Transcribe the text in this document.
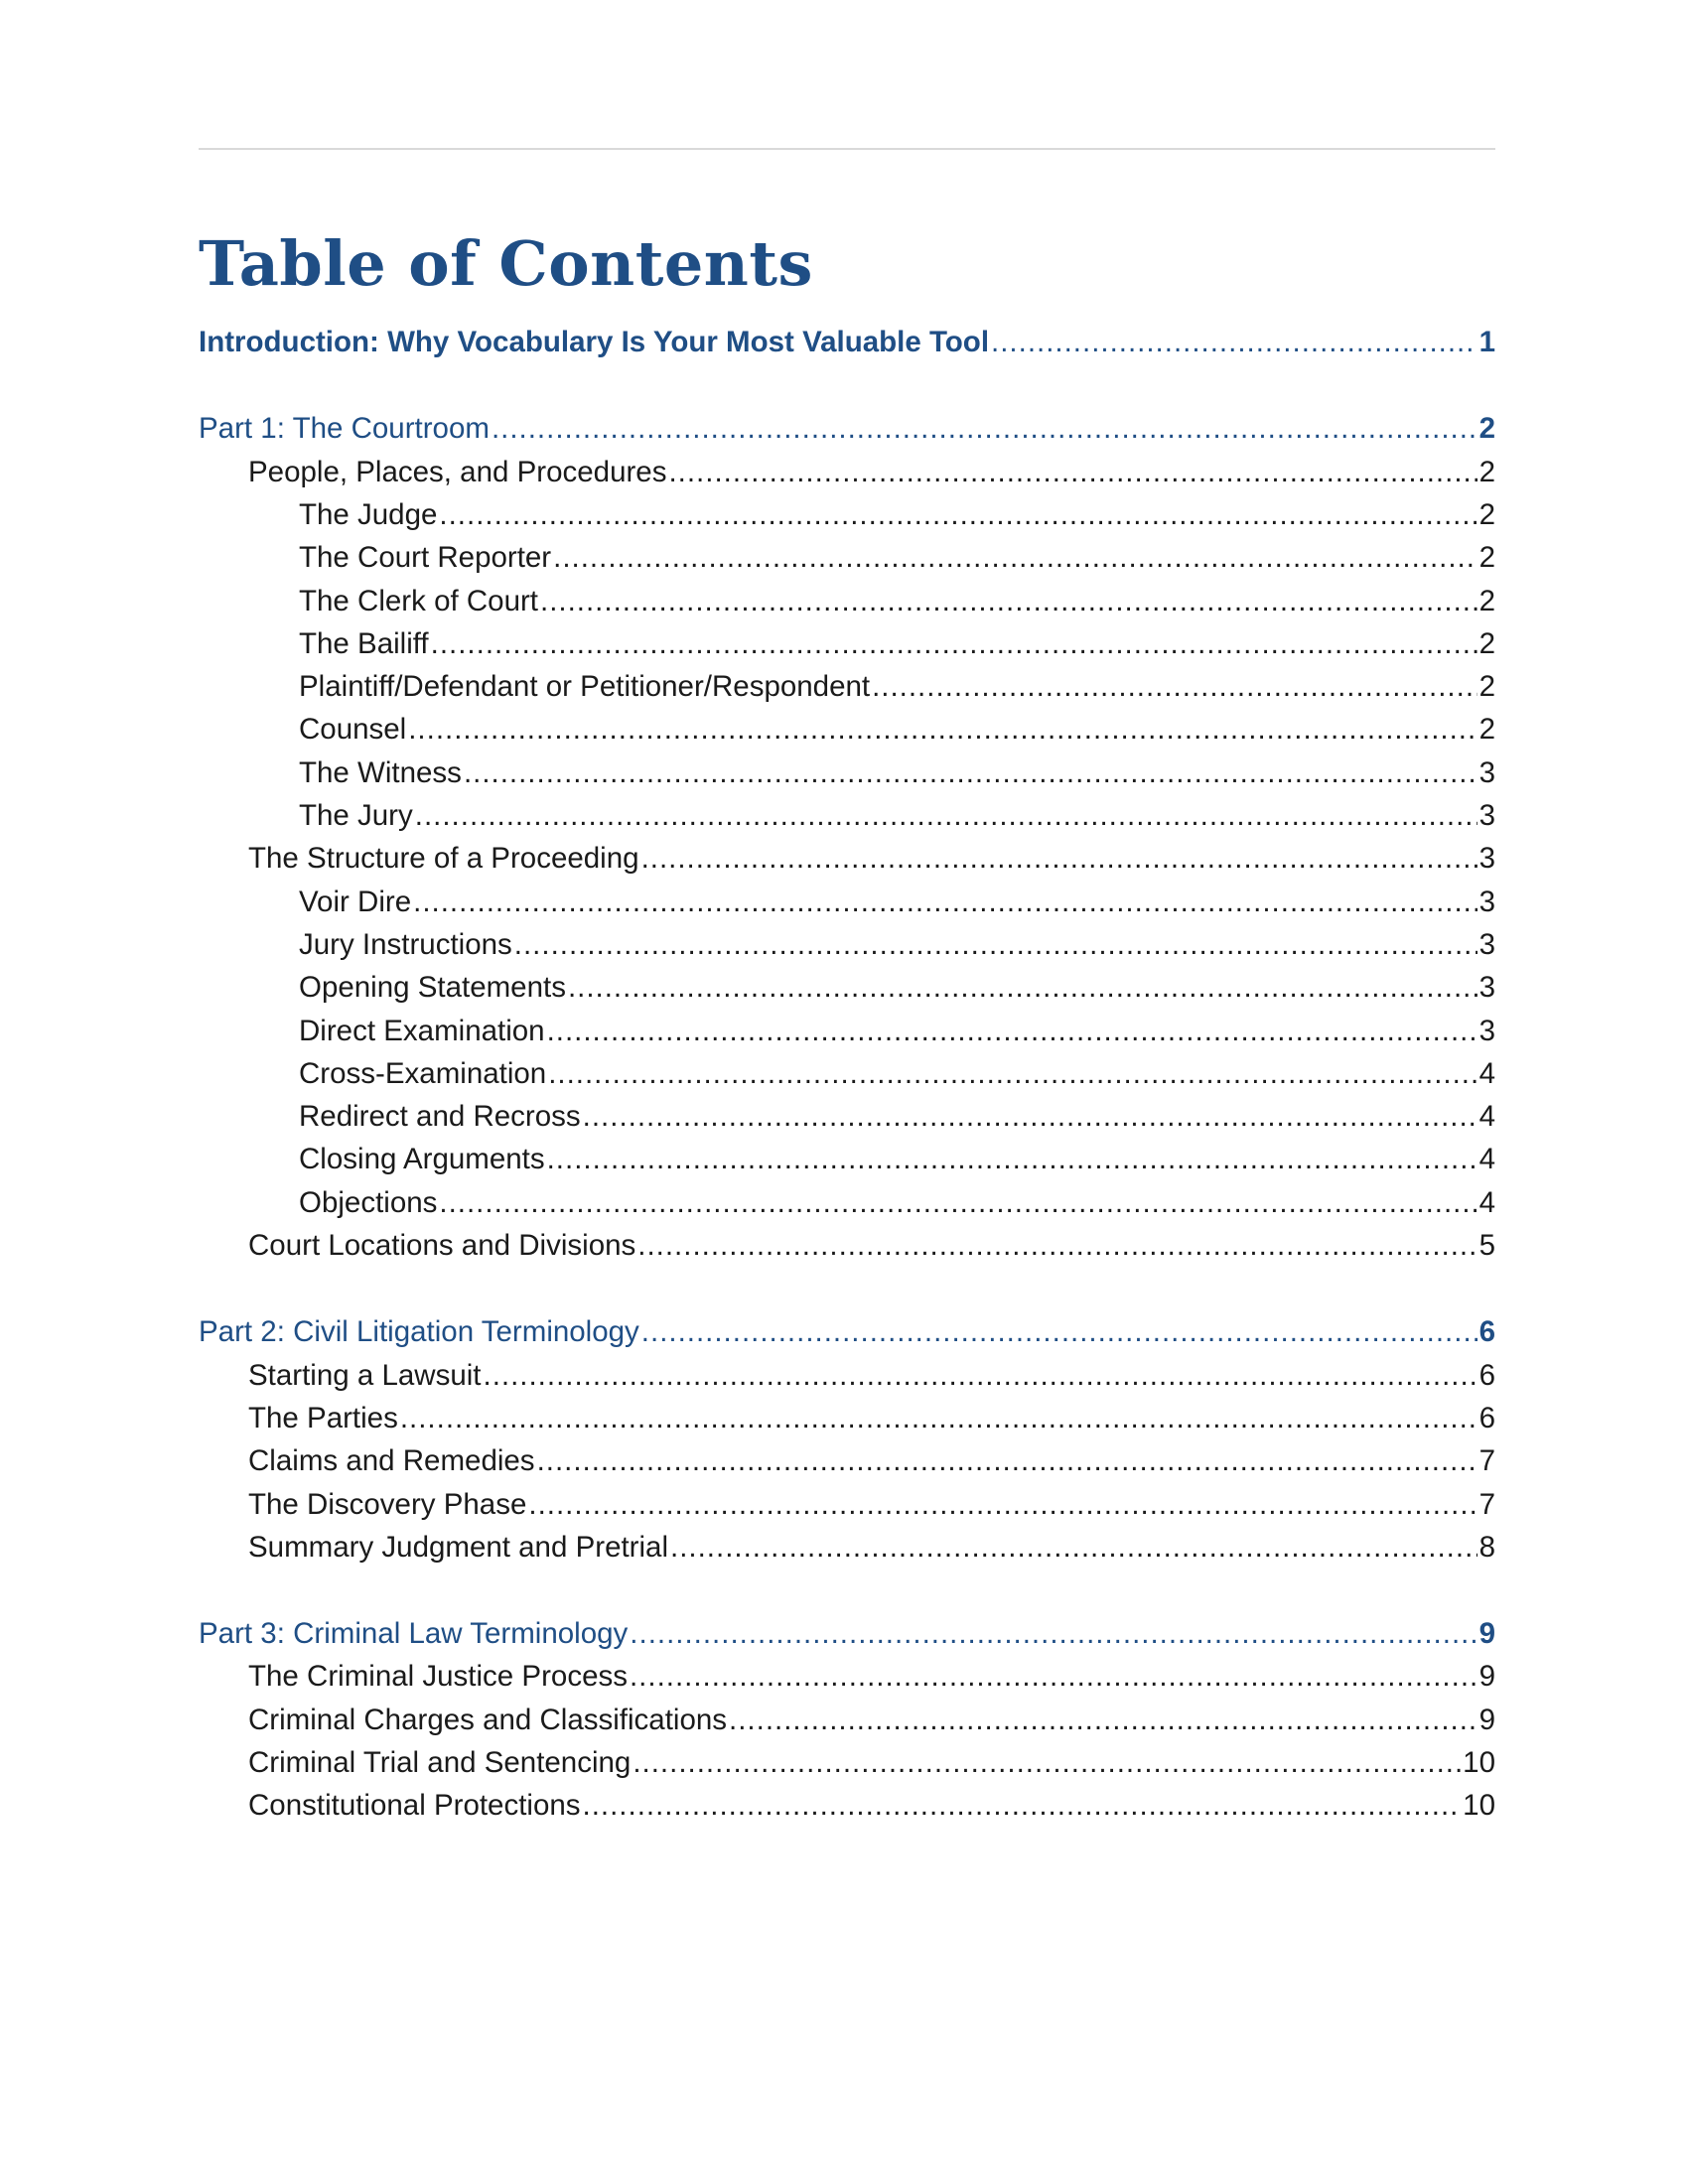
Table of Contents
Introduction: Why Vocabulary Is Your Most Valuable Tool .....	1
Part 1: The Courtroom .....	2
People, Places, and Procedures .....	2
The Judge .....	2
The Court Reporter .....	2
The Clerk of Court .....	2
The Bailiff .....	2
Plaintiff/Defendant or Petitioner/Respondent .....	2
Counsel .....	2
The Witness .....	3
The Jury .....	3
The Structure of a Proceeding .....	3
Voir Dire .....	3
Jury Instructions .....	3
Opening Statements .....	3
Direct Examination .....	3
Cross-Examination .....	4
Redirect and Recross .....	4
Closing Arguments .....	4
Objections .....	4
Court Locations and Divisions .....	5
Part 2: Civil Litigation Terminology .....	6
Starting a Lawsuit .....	6
The Parties .....	6
Claims and Remedies .....	7
The Discovery Phase .....	7
Summary Judgment and Pretrial .....	8
Part 3: Criminal Law Terminology .....	9
The Criminal Justice Process .....	9
Criminal Charges and Classifications .....	9
Criminal Trial and Sentencing .....	10
Constitutional Protections .....	10
